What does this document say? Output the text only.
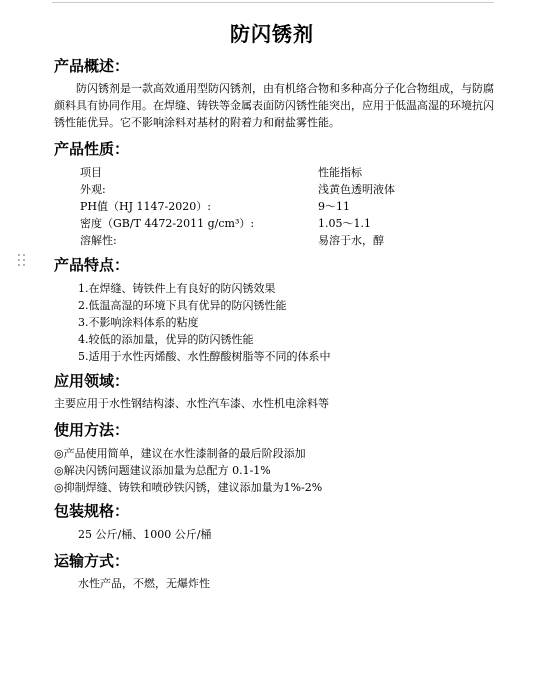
防闪锈剂
产品概述：

防闪锈剂是一款高效通用型防闪锈剂，由有机络合物和多种高分子化合物组成，与防腐颜料具有协同作用。在焊缝、铸铁等金属表面防闪锈性能突出，应用于低温高湿的环境抗闪锈性能优异。它不影响涂料对基材的附着力和耐盐雾性能。

产品性质：
项目	性能指标
外观:	浅黄色透明液体
PH值（HJ 1147-2020）:	9～11
密度（GB/T 4472-2011 g/cm³）:	1.05～1.1
溶解性:	易溶于水，醇
产品特点：
1.在焊缝、铸铁件上有良好的防闪锈效果
2.低温高湿的环境下具有优异的防闪锈性能
3.不影响涂料体系的粘度
4.较低的添加量，优异的防闪锈性能
5.适用于水性丙烯酸、水性醇酸树脂等不同的体系中
应用领域：
主要应用于水性钢结构漆、水性汽车漆、水性机电涂料等
使用方法：
◎产品使用简单，建议在水性漆制备的最后阶段添加
◎解决闪锈问题建议添加量为总配方 0.1-1%
◎抑制焊缝、铸铁和喷砂铁闪锈，建议添加量为1%-2%
包装规格：
25 公斤/桶、1000 公斤/桶
运输方式：
水性产品，不燃，无爆炸性
